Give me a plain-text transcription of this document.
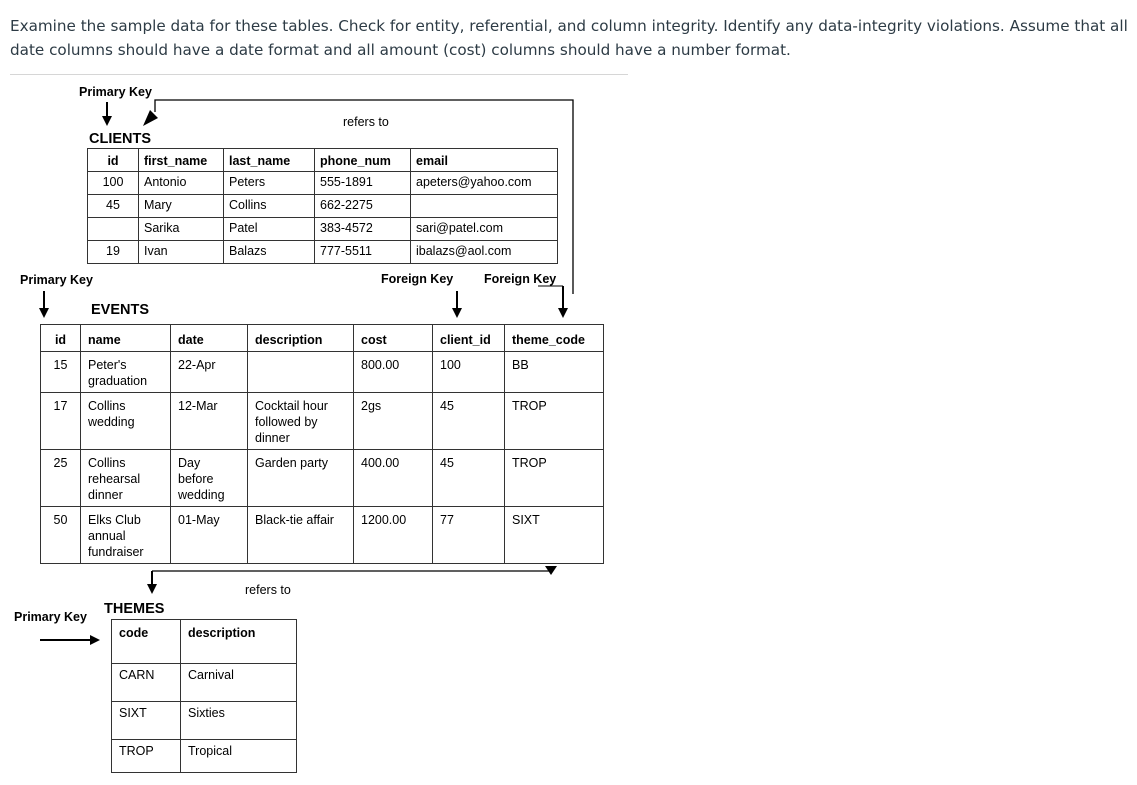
Examine the sample data for these tables. Check for entity, referential, and column integrity. Identify any data-integrity violations. Assume that all date columns should have a date format and all amount (cost) columns should have a number format.
Primary Key
refers to
CLIENTS
Primary Key	Foreign Key Foreign Key
EVENTS
refers to
Primary Key THEMES
id	first_name	last_name	phone_num	email
100	Antonio	Peters	555-1891	apeters@yahoo.com
45	Mary	Collins	662-2275	
	Sarika	Patel	383-4572	sari@patel.com
19	Ivan	Balazs	777-5511	ibalazs@aol.com
id	name	date	description	cost	client_id	theme_code
15	Peter's
graduation	22-Apr		800.00	100	BB
17	Collins
wedding	12-Mar	Cocktail hour
followed by
dinner	2gs	45	TROP
25	Collins
rehearsal
dinner	Day
before
wedding	Garden party	400.00	45	TROP
50	Elks Club
annual
fundraiser	01-May	Black-tie affair	1200.00	77	SIXT
code	description
CARN	Carnival
SIXT	Sixties
TROP	Tropical
